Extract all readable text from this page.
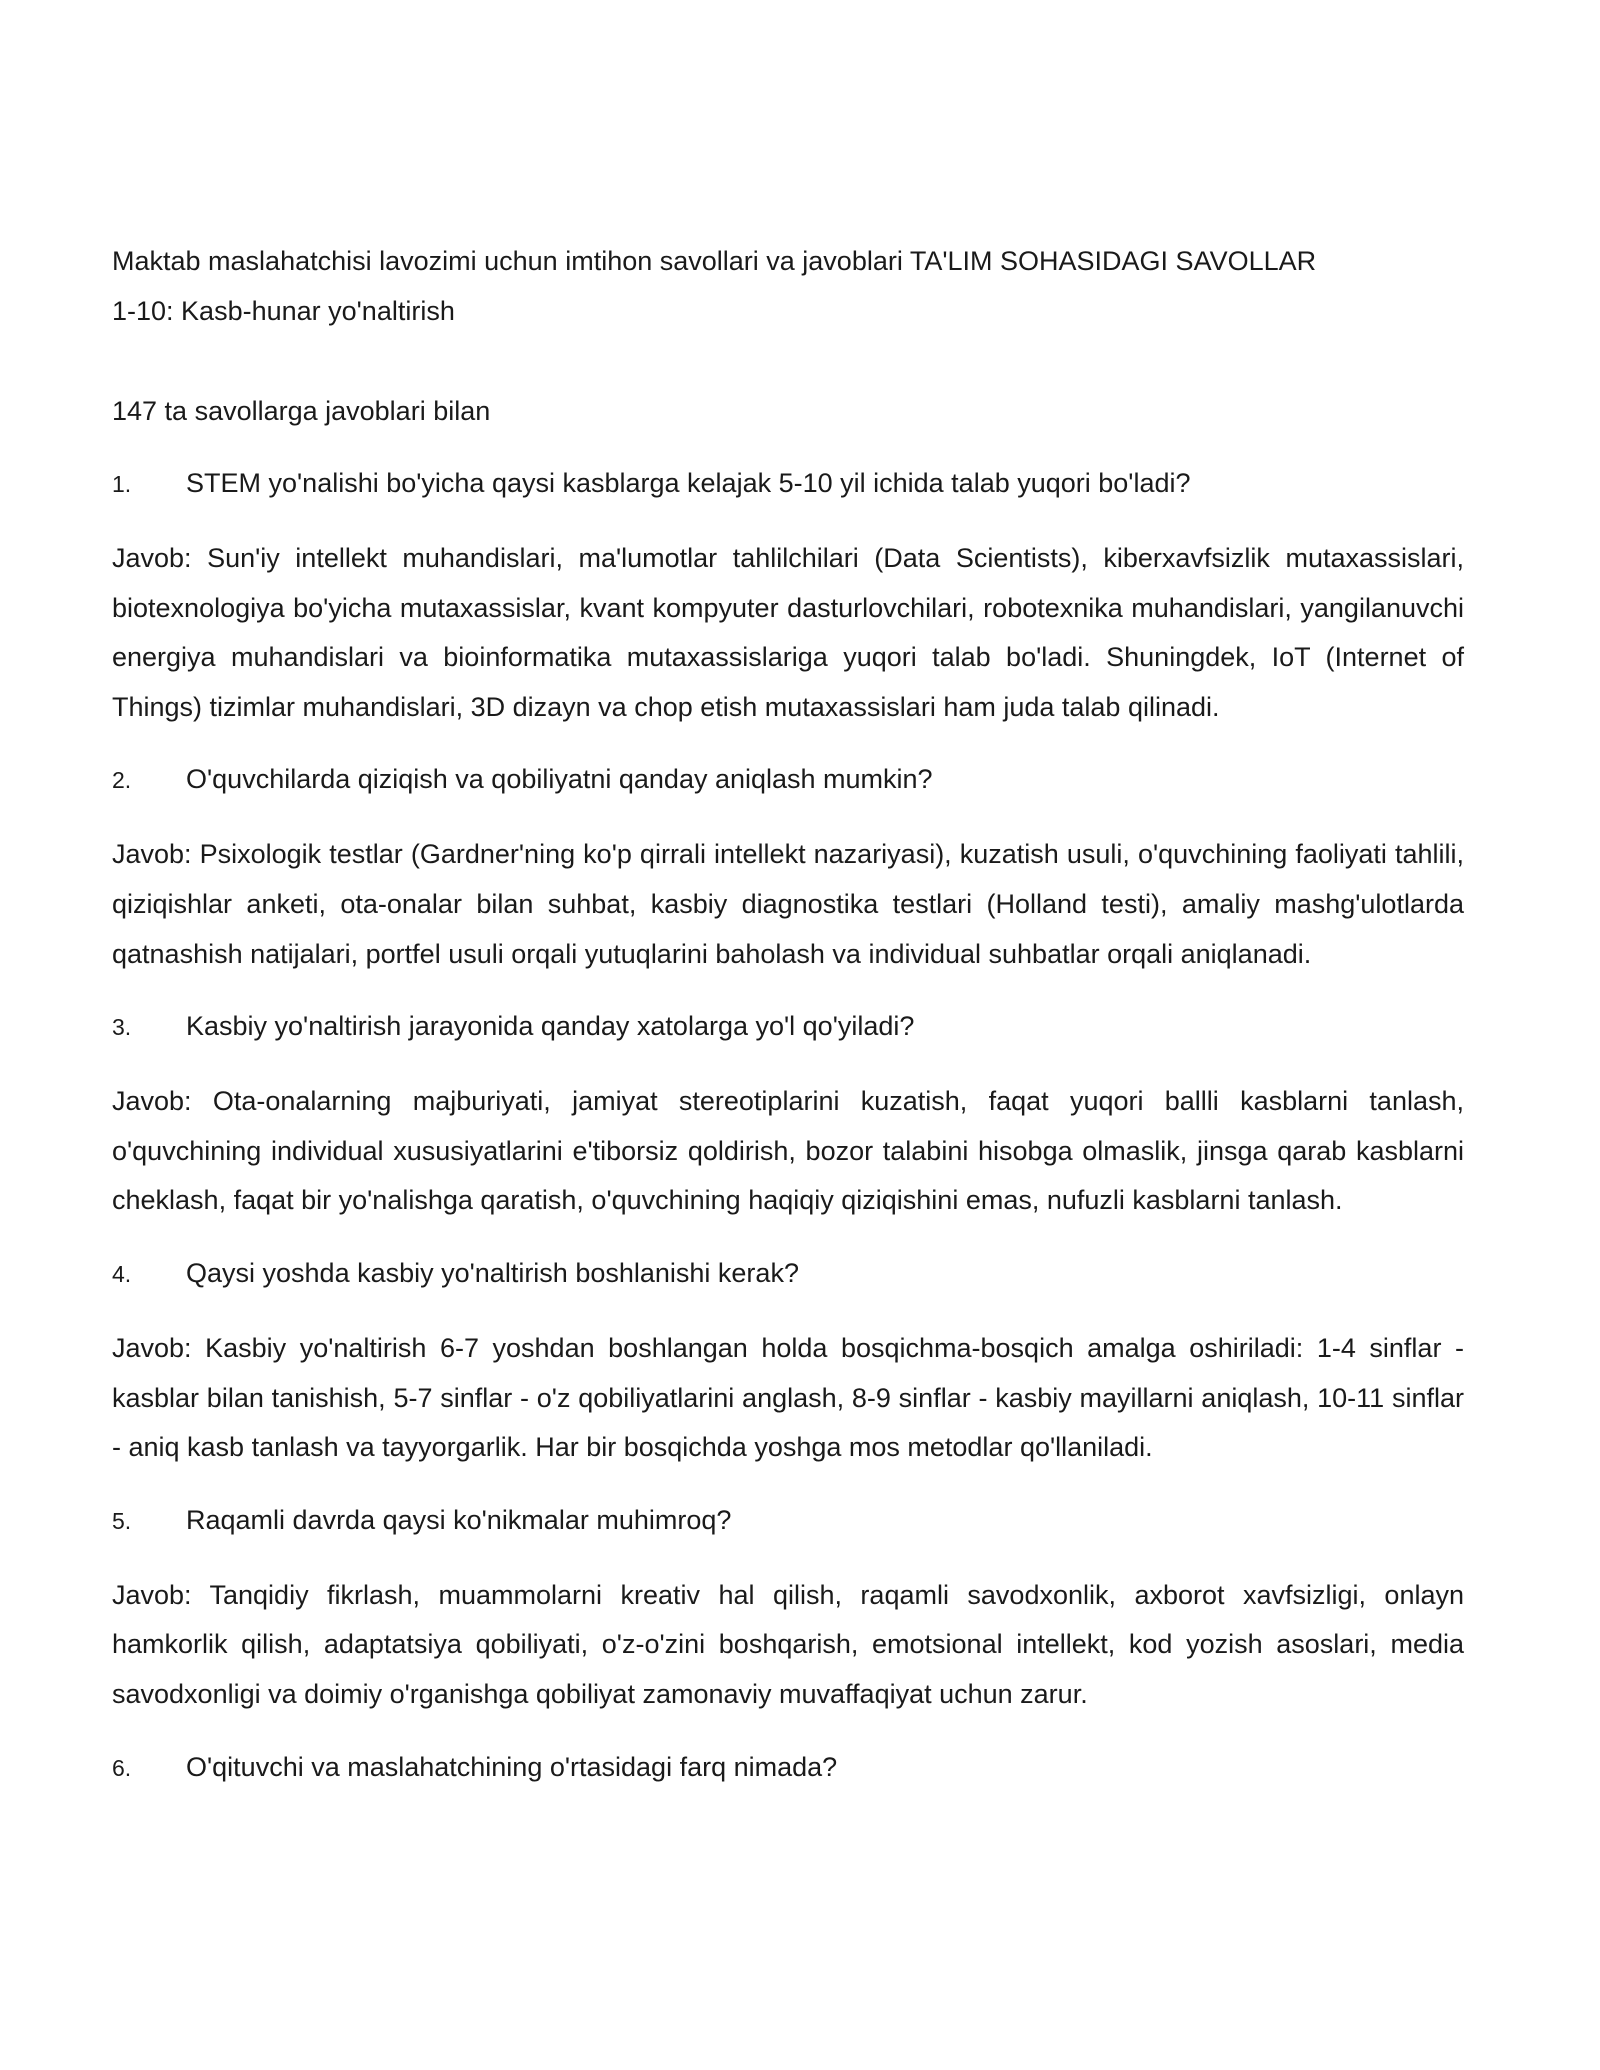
Maktab maslahatchisi lavozimi uchun imtihon savollari va javoblari TA'LIM SOHASIDAGI SAVOLLAR

1-10: Kasb-hunar yo'naltirish

147 ta savollarga javoblari bilan

1.	STEM yo'nalishi bo'yicha qaysi kasblarga kelajak 5-10 yil ichida talab yuqori bo'ladi?

Javob: Sun'iy intellekt muhandislari, ma'lumotlar tahlilchilari (Data Scientists), kiberxavfsizlik mutaxassislari, biotexnologiya bo'yicha mutaxassislar, kvant kompyuter dasturlovchilari, robotexnika muhandislari, yangilanuvchi energiya muhandislari va bioinformatika mutaxassislariga yuqori talab bo'ladi. Shuningdek, IoT (Internet of Things) tizimlar muhandislari, 3D dizayn va chop etish mutaxassislari ham juda talab qilinadi.

2.	O'quvchilarda qiziqish va qobiliyatni qanday aniqlash mumkin?

Javob: Psixologik testlar (Gardner'ning ko'p qirrali intellekt nazariyasi), kuzatish usuli, o'quvchining faoliyati tahlili, qiziqishlar anketi, ota-onalar bilan suhbat, kasbiy diagnostika testlari (Holland testi), amaliy mashg'ulotlarda qatnashish natijalari, portfel usuli orqali yutuqlarini baholash va individual suhbatlar orqali aniqlanadi.

3.	Kasbiy yo'naltirish jarayonida qanday xatolarga yo'l qo'yiladi?

Javob: Ota-onalarning majburiyati, jamiyat stereotiplarini kuzatish, faqat yuqori ballli kasblarni tanlash, o'quvchining individual xususiyatlarini e'tiborsiz qoldirish, bozor talabini hisobga olmaslik, jinsga qarab kasblarni cheklash, faqat bir yo'nalishga qaratish, o'quvchining haqiqiy qiziqishini emas, nufuzli kasblarni tanlash.

4.	Qaysi yoshda kasbiy yo'naltirish boshlanishi kerak?

Javob: Kasbiy yo'naltirish 6-7 yoshdan boshlangan holda bosqichma-bosqich amalga oshiriladi: 1-4 sinflar - kasblar bilan tanishish, 5-7 sinflar - o'z qobiliyatlarini anglash, 8-9 sinflar - kasbiy mayillarni aniqlash, 10-11 sinflar - aniq kasb tanlash va tayyorgarlik. Har bir bosqichda yoshga mos metodlar qo'llaniladi.

5.	Raqamli davrda qaysi ko'nikmalar muhimroq?

Javob: Tanqidiy fikrlash, muammolarni kreativ hal qilish, raqamli savodxonlik, axborot xavfsizligi, onlayn hamkorlik qilish, adaptatsiya qobiliyati, o'z-o'zini boshqarish, emotsional intellekt, kod yozish asoslari, media savodxonligi va doimiy o'rganishga qobiliyat zamonaviy muvaffaqiyat uchun zarur.

6.	O'qituvchi va maslahatchining o'rtasidagi farq nimada?
